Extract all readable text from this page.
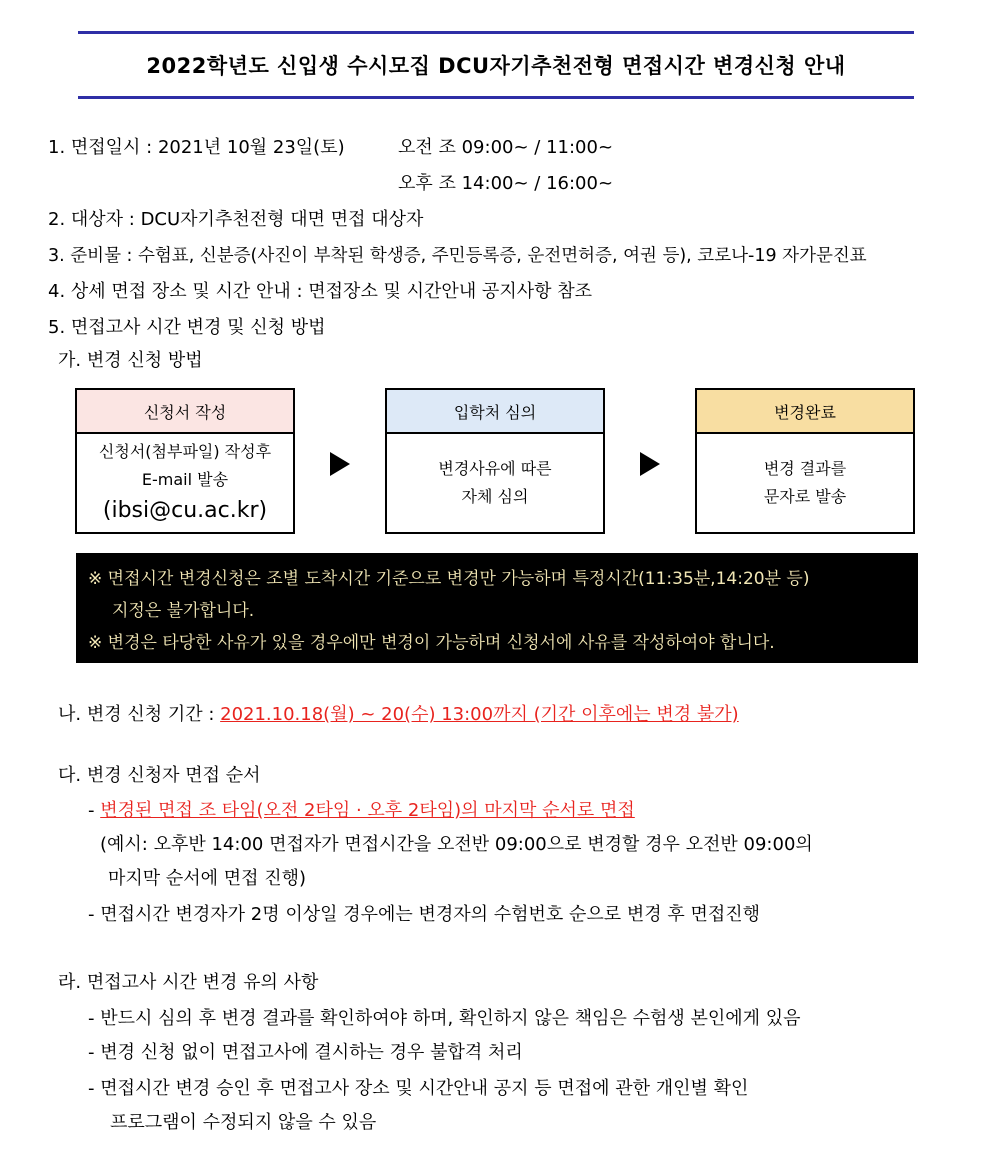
2022학년도 신입생 수시모집 DCU자기추천전형 면접시간 변경신청 안내
1. 면접일시 : 2021년 10월 23일(토)	오전 조 09:00~ / 11:00~
오후 조 14:00~ / 16:00~
2. 대상자 : DCU자기추천전형 대면 면접 대상자
3. 준비물 : 수험표, 신분증(사진이 부착된 학생증, 주민등록증, 운전면허증, 여권 등), 코로나-19 자가문진표
4. 상세 면접 장소 및 시간 안내 : 면접장소 및 시간안내 공지사항 참조
5. 면접고사 시간 변경 및 신청 방법
가. 변경 신청 방법
신청서 작성
신청서(첨부파일) 작성후
E-mail 발송
(ibsi@cu.ac.kr)
입학처 심의
변경사유에 따른
자체 심의
변경완료
변경 결과를
문자로 발송
※ 면접시간 변경신청은 조별 도착시간 기준으로 변경만 가능하며 특정시간(11:35분,14:20분 등)
지정은 불가합니다.
※ 변경은 타당한 사유가 있을 경우에만 변경이 가능하며 신청서에 사유를 작성하여야 합니다.
나. 변경 신청 기간 : 2021.10.18(월) ~ 20(수) 13:00까지 (기간 이후에는 변경 불가)
다. 변경 신청자 면접 순서
- 변경된 면접 조 타임(오전 2타임 · 오후 2타임)의 마지막 순서로 면접
(예시: 오후반 14:00 면접자가 면접시간을 오전반 09:00으로 변경할 경우 오전반 09:00의
마지막 순서에 면접 진행)
- 면접시간 변경자가 2명 이상일 경우에는 변경자의 수험번호 순으로 변경 후 면접진행
라. 면접고사 시간 변경 유의 사항
- 반드시 심의 후 변경 결과를 확인하여야 하며, 확인하지 않은 책임은 수험생 본인에게 있음
- 변경 신청 없이 면접고사에 결시하는 경우 불합격 처리
- 면접시간 변경 승인 후 면접고사 장소 및 시간안내 공지 등 면접에 관한 개인별 확인
프로그램이 수정되지 않을 수 있음
